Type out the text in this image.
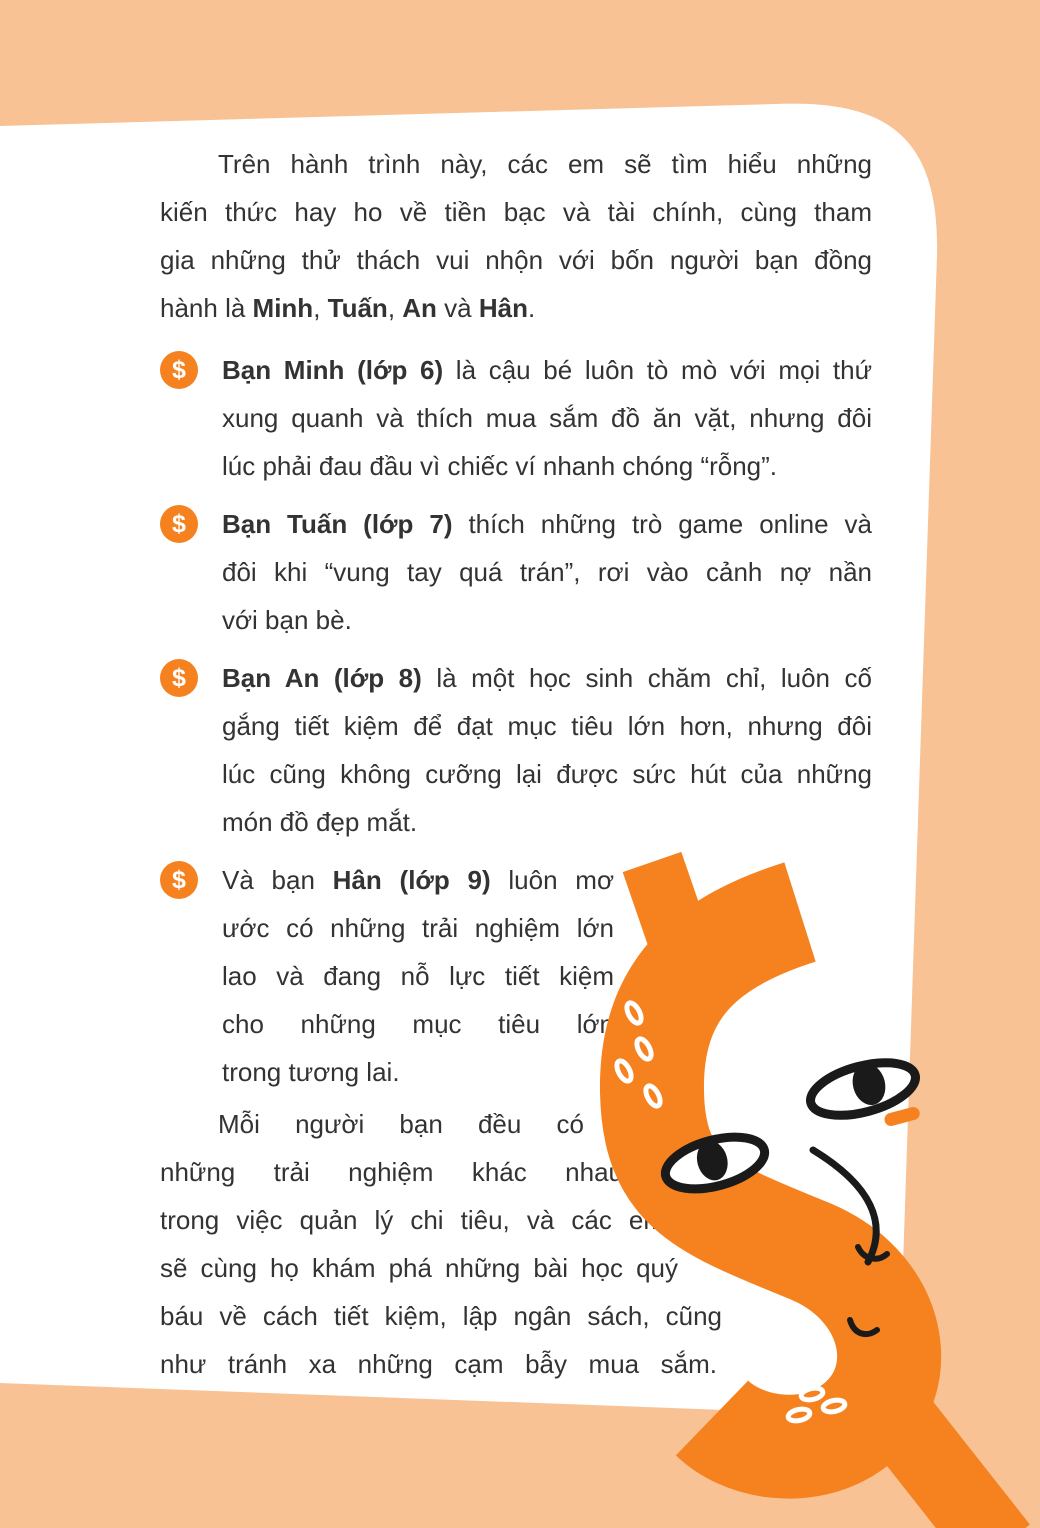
Trên hành trình này, các em sẽ tìm hiểu những
kiến thức hay ho về tiền bạc và tài chính, cùng tham
gia những thử thách vui nhộn với bốn người bạn đồng
hành là Minh, Tuấn, An và Hân.
$	Bạn Minh (lớp 6) là cậu bé luôn tò mò với mọi thứ
xung quanh và thích mua sắm đồ ăn vặt, nhưng đôi
lúc phải đau đầu vì chiếc ví nhanh chóng “rỗng”.
$	Bạn Tuấn (lớp 7) thích những trò game online và
đôi khi “vung tay quá trán”, rơi vào cảnh nợ nần
với bạn bè.
$	Bạn An (lớp 8) là một học sinh chăm chỉ, luôn cố
gắng tiết kiệm để đạt mục tiêu lớn hơn, nhưng đôi
lúc cũng không cưỡng lại được sức hút của những
món đồ đẹp mắt.
$	Và bạn Hân (lớp 9) luôn mơ
ước có những trải nghiệm lớn
lao và đang nỗ lực tiết kiệm
cho những mục tiêu lớn
trong tương lai.
Mỗi người bạn đều có
những trải nghiệm khác nhau
trong việc quản lý chi tiêu, và các em
sẽ cùng họ khám phá những bài học quý
báu về cách tiết kiệm, lập ngân sách, cũng
như tránh xa những cạm bẫy mua sắm.
